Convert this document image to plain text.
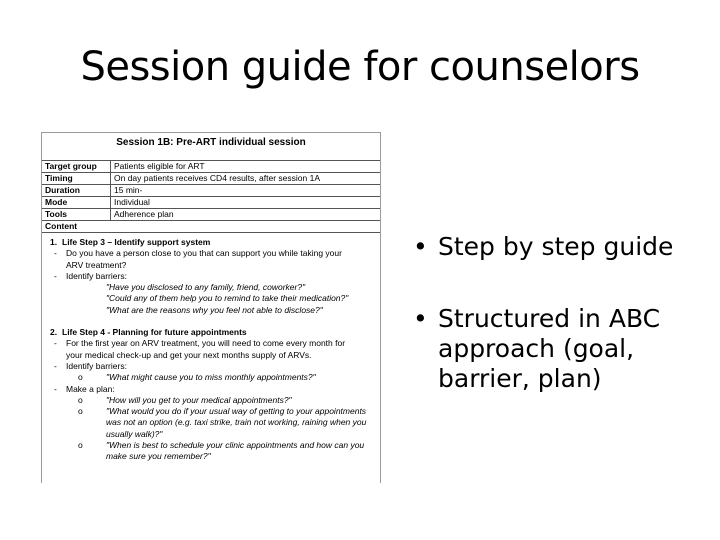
Session guide for counselors
Session 1B: Pre-ART individual session
Target group	Patients eligible for ART
Timing	On day patients receives CD4 results, after session 1A
Duration	15 min-
Mode	Individual
Tools	Adherence plan
Content
1. Life Step 3 – Identify support system
- Do you have a person close to you that can support you while taking your
ARV treatment?
- Identify barriers:
"Have you disclosed to any family, friend, coworker?"
"Could any of them help you to remind to take their medication?"
"What are the reasons why you feel not able to disclose?"
2. Life Step 4 - Planning for future appointments
- For the first year on ARV treatment, you will need to come every month for
your medical check-up and get your next months supply of ARVs.
- Identify barriers:
o	"What might cause you to miss monthly appointments?"
- Make a plan:
o	"How will you get to your medical appointments?"
o	"What would you do if your usual way of getting to your appointments
was not an option (e.g. taxi strike, train not working, raining when you
usually walk)?"
o	"When is best to schedule your clinic appointments and how can you
make sure you remember?"
• Step by step guide
• Structured in ABC approach (goal, barrier, plan)
